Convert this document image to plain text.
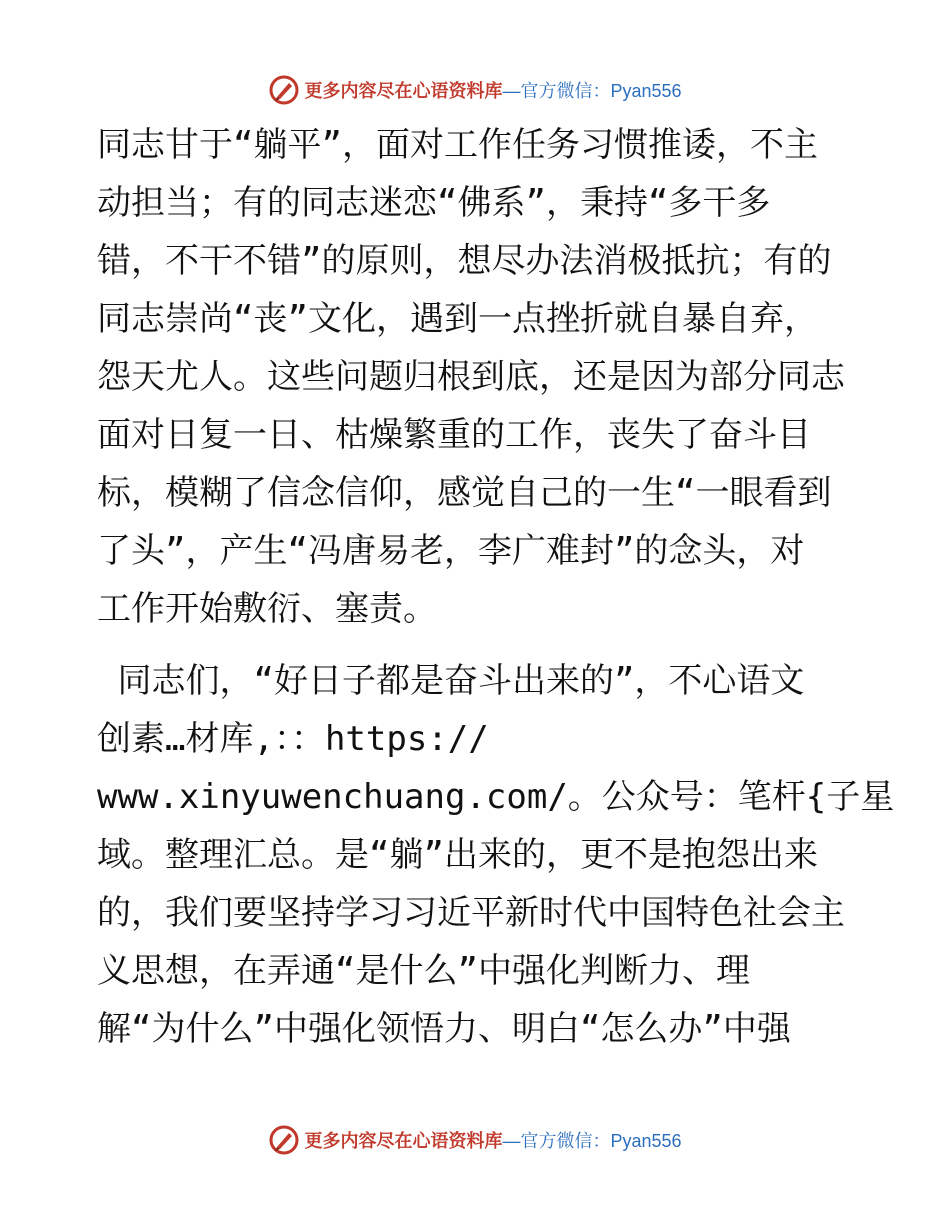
更多内容尽在心语资料库 —官方微信：Pyan556
同志甘于“躺平”，面对工作任务习惯推诿，不主
动担当；有的同志迷恋“佛系”，秉持“多干多
错，不干不错”的原则，想尽办法消极抵抗；有的
同志崇尚“丧”文化，遇到一点挫折就自暴自弃，
怨天尤人。这些问题归根到底，还是因为部分同志
面对日复一日、枯燥繁重的工作，丧失了奋斗目
标，模糊了信念信仰，感觉自己的一生“一眼看到
了头”，产生“冯唐易老，李广难封”的念头，对
工作开始敷衍、塞责。
同志们，“好日子都是奋斗出来的”，不心语文
创素…材库,：：https://
www.xinyuwenchuang.com/。公众号：笔杆{子星
域。整理汇总。是“躺”出来的，更不是抱怨出来
的，我们要坚持学习习近平新时代中国特色社会主
义思想，在弄通“是什么”中强化判断力、理
解“为什么”中强化领悟力、明白“怎么办”中强
更多内容尽在心语资料库 —官方微信：Pyan556
